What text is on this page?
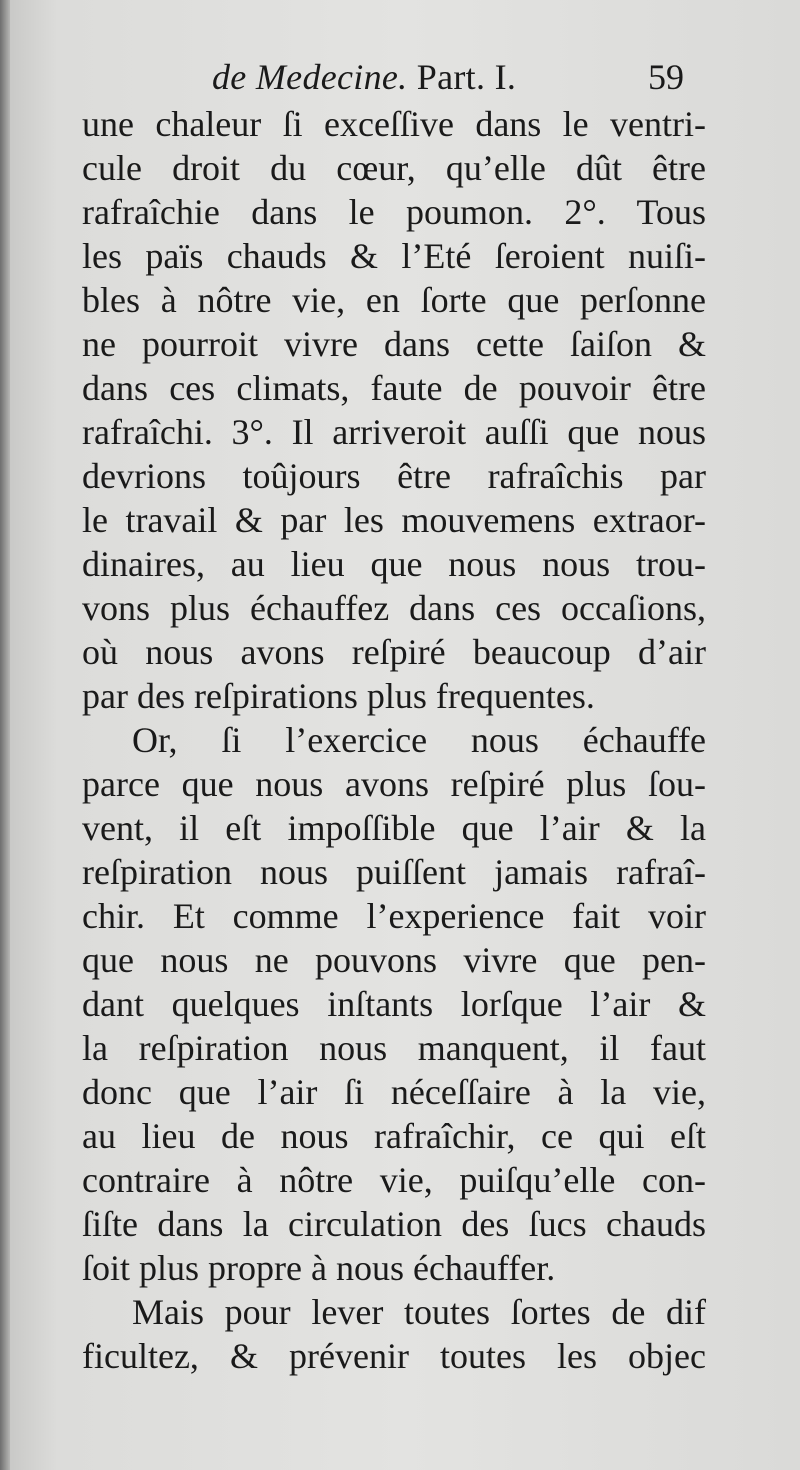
de Medecine. Part. I.	59
une chaleur ſi exceſſive dans le ventri-
cule droit du cœur, qu’elle dût être
rafraîchie dans le poumon. 2°. Tous
les païs chauds & l’Eté ſeroient nuiſi-
bles à nôtre vie, en ſorte que perſonne
ne pourroit vivre dans cette ſaiſon &
dans ces climats, faute de pouvoir être
rafraîchi. 3°. Il arriveroit auſſi que nous
devrions toûjours être rafraîchis par
le travail & par les mouvemens extraor-
dinaires, au lieu que nous nous trou-
vons plus échauffez dans ces occaſions,
où nous avons reſpiré beaucoup d’air
par des reſpirations plus frequentes.
Or, ſi l’exercice nous échauffe
parce que nous avons reſpiré plus ſou-
vent, il eſt impoſſible que l’air & la
reſpiration nous puiſſent jamais rafraî-
chir. Et comme l’experience fait voir
que nous ne pouvons vivre que pen-
dant quelques inſtants lorſque l’air &
la reſpiration nous manquent, il faut
donc que l’air ſi néceſſaire à la vie,
au lieu de nous rafraîchir, ce qui eſt
contraire à nôtre vie, puiſqu’elle con-
ſiſte dans la circulation des ſucs chauds
ſoit plus propre à nous échauffer.
Mais pour lever toutes ſortes de dif
ficultez, & prévenir toutes les objec
